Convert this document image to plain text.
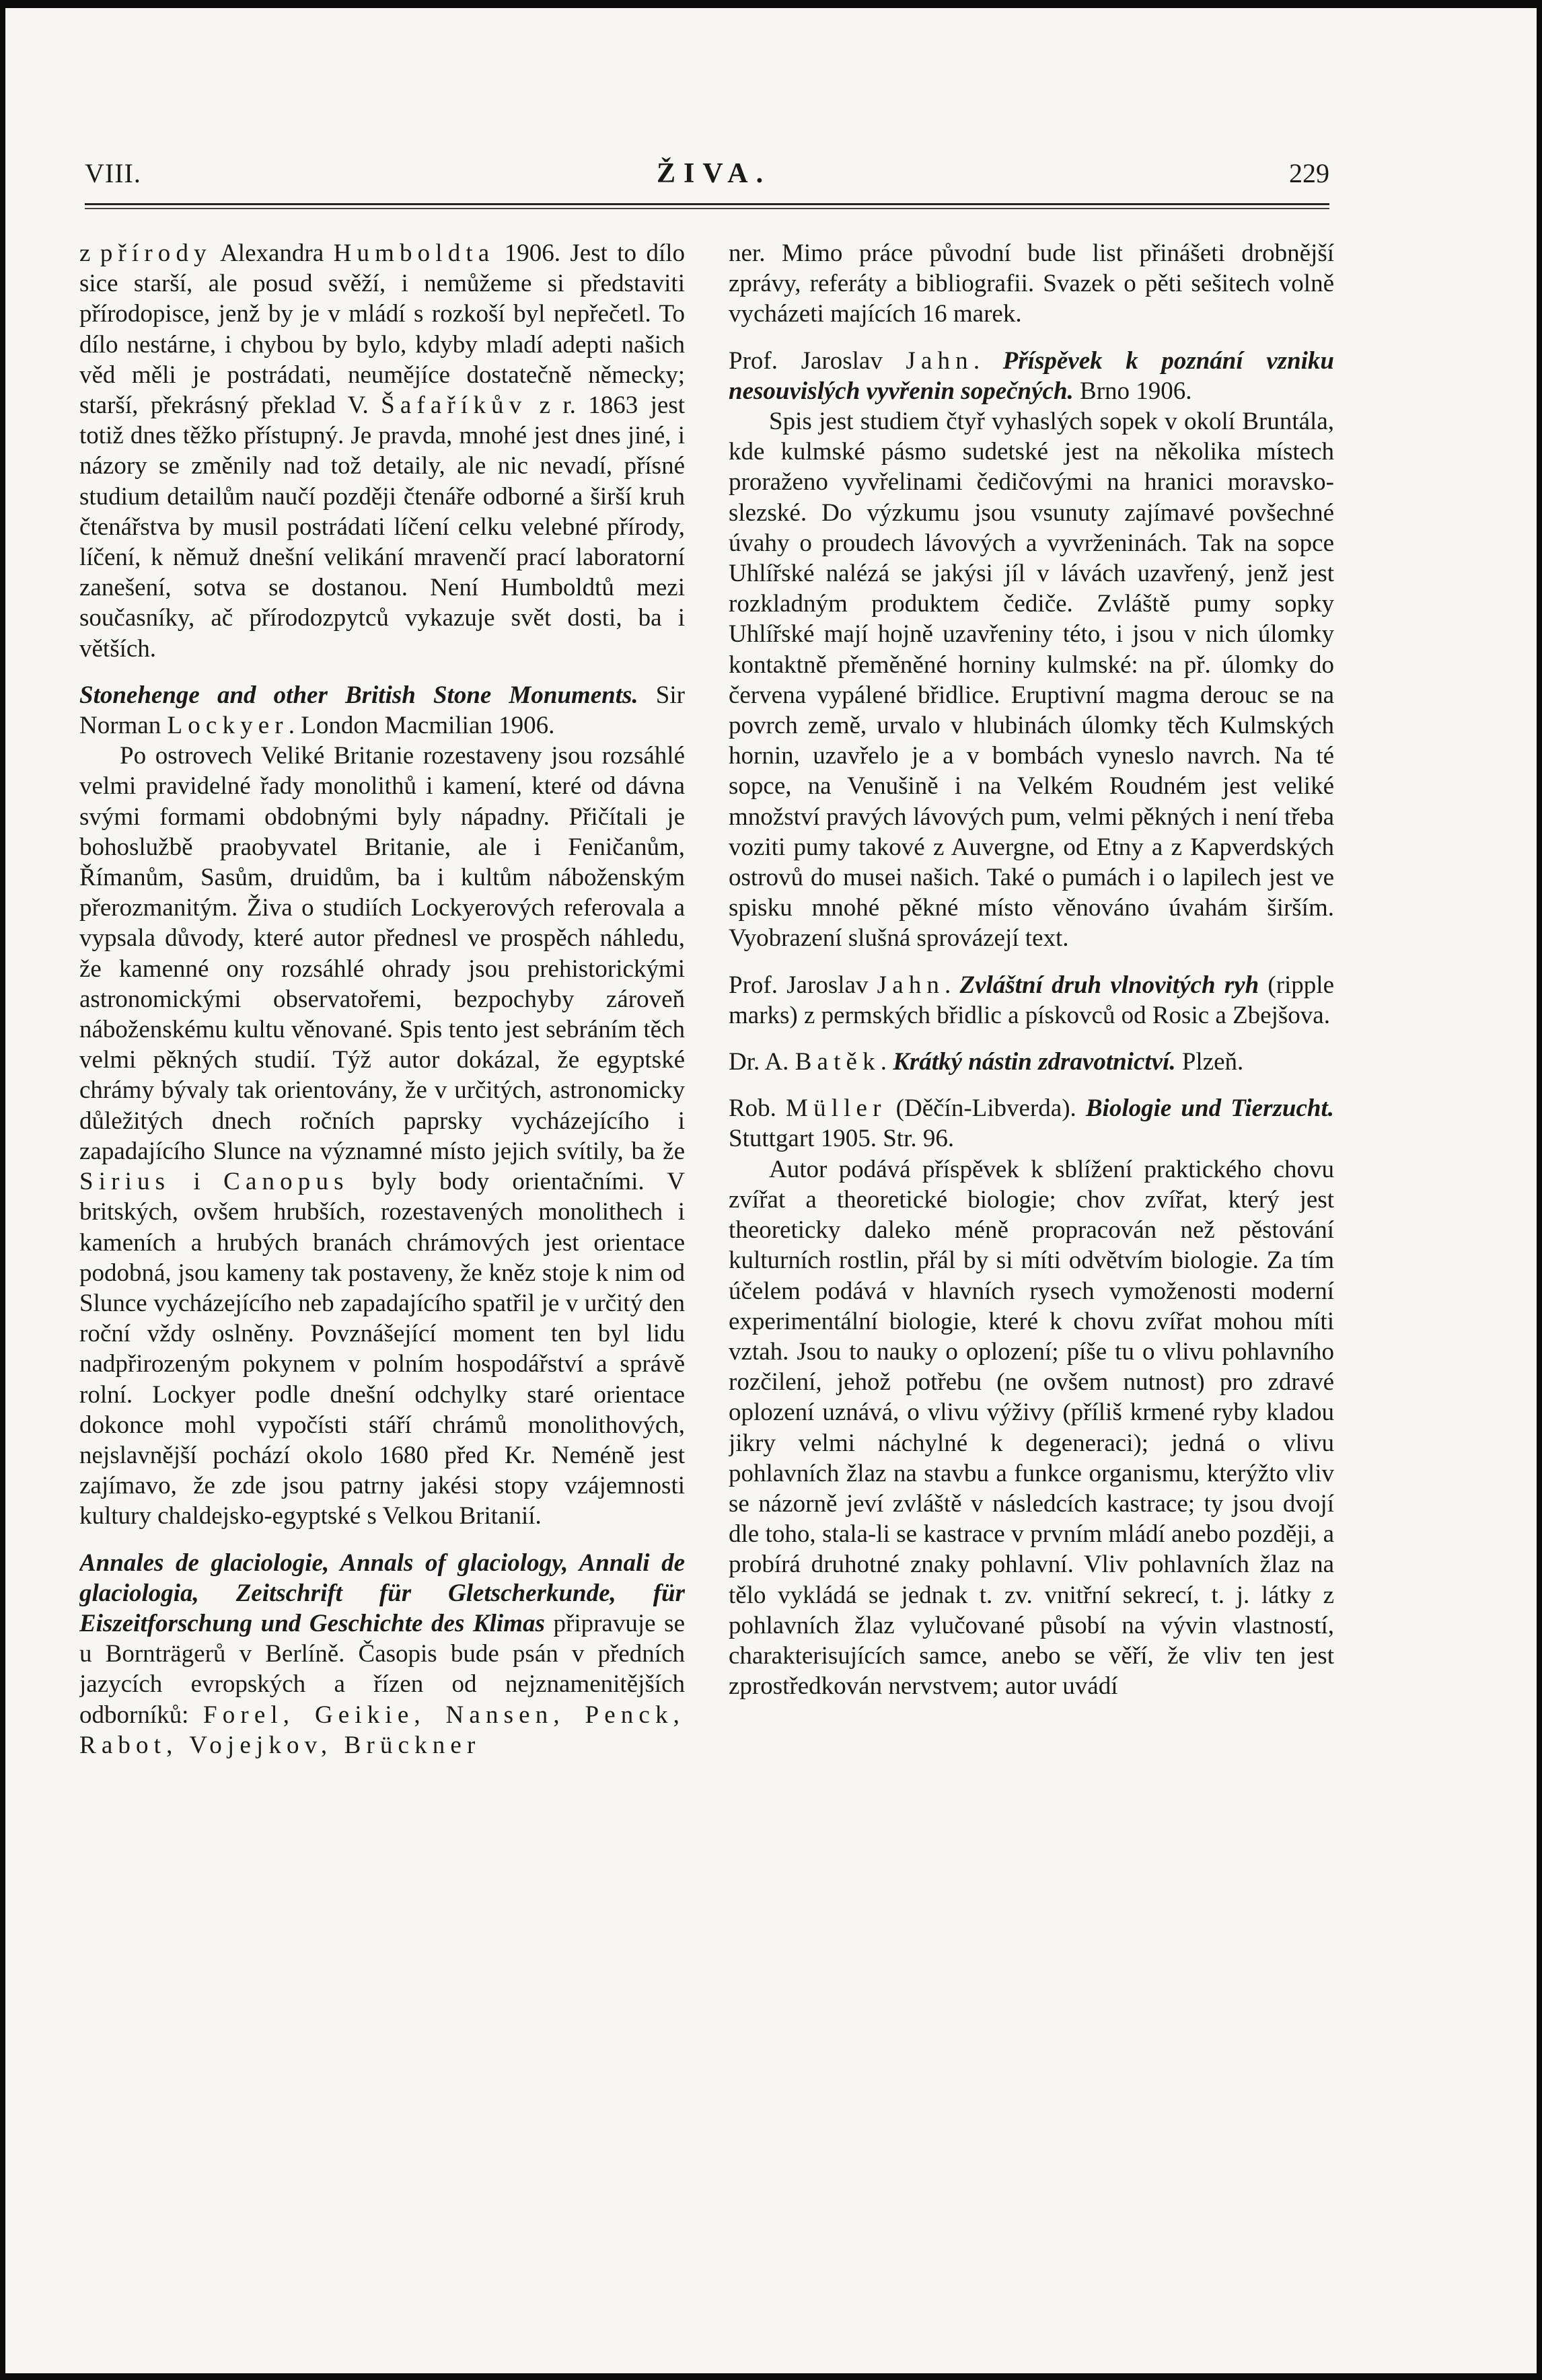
VIII.	ŽIVA.	229

z přírody Alexandra Humboldta 1906. Jest to dílo sice starší, ale posud svěží, i nemůžeme si představiti přírodopisce, jenž by je v mládí s rozkoší byl nepřečetl. To dílo nestárne, i chybou by bylo, kdyby mladí adepti našich věd měli je postrádati, neumějíce dostatečně německy; starší, překrásný překlad V. Šafaříkův z r. 1863 jest totiž dnes těžko přístupný. Je pravda, mnohé jest dnes jiné, i názory se změnily nad tož detaily, ale nic nevadí, přísné studium detailům naučí později čtenáře odborné a širší kruh čtenářstva by musil postrádati líčení celku velebné přírody, líčení, k němuž dnešní velikání mravenčí prací laboratorní zanešení, sotva se dostanou. Není Humboldtů mezi současníky, ač přírodozpytců vykazuje svět dosti, ba i větších.

Stonehenge and other British Stone Monuments. Sir Norman Lockyer. London Macmilian 1906.

Po ostrovech Veliké Britanie rozestaveny jsou rozsáhlé velmi pravidelné řady monolithů i kamení, které od dávna svými formami obdobnými byly nápadny. Přičítali je bohoslužbě praobyvatel Britanie, ale i Feničanům, Římanům, Sasům, druidům, ba i kultům náboženským přerozmanitým. Živa o studiích Lockyerových referovala a vypsala důvody, které autor přednesl ve prospěch náhledu, že kamenné ony rozsáhlé ohrady jsou prehistorickými astronomickými observatořemi, bezpochyby zároveň náboženskému kultu věnované. Spis tento jest sebráním těch velmi pěkných studií. Týž autor dokázal, že egyptské chrámy bývaly tak orientovány, že v určitých, astronomicky důležitých dnech ročních paprsky vycházejícího i zapadajícího Slunce na významné místo jejich svítily, ba že Sirius i Canopus byly body orientačními. V britských, ovšem hrubších, rozestavených monolithech i kameních a hrubých branách chrámových jest orientace podobná, jsou kameny tak postaveny, že kněz stoje k nim od Slunce vycházejícího neb zapadajícího spatřil je v určitý den roční vždy oslněny. Povznášející moment ten byl lidu nadpřirozeným pokynem v polním hospodářství a správě rolní. Lockyer podle dnešní odchylky staré orientace dokonce mohl vypočísti stáří chrámů monolithových, nejslavnější pochází okolo 1680 před Kr. Neméně jest zajímavo, že zde jsou patrny jakési stopy vzájemnosti kultury chaldejsko-egyptské s Velkou Britanií.

Annales de glaciologie, Annals of glaciology, Annali de glaciologia, Zeitschrift für Gletscherkunde, für Eiszeitforschung und Geschichte des Klimas připravuje se u Bornträgerů v Berlíně. Časopis bude psán v předních jazycích evropských a řízen od nejznamenitějších odborníků: Forel, Geikie, Nansen, Penck, Rabot, Vojejkov, Brückner

ner. Mimo práce původní bude list přinášeti drobnější zprávy, referáty a bibliografii. Svazek o pěti sešitech volně vycházeti majících 16 marek.

Prof. Jaroslav Jahn. Příspěvek k poznání vzniku nesouvislých vyvřenin sopečných. Brno 1906.

Spis jest studiem čtyř vyhaslých sopek v okolí Bruntála, kde kulmské pásmo sudetské jest na několika místech proraženo vyvřelinami čedičovými na hranici moravsko-slezské. Do výzkumu jsou vsunuty zajímavé povšechné úvahy o proudech lávových a vyvrženinách. Tak na sopce Uhlířské nalézá se jakýsi jíl v lávách uzavřený, jenž jest rozkladným produktem čediče. Zvláště pumy sopky Uhlířské mají hojně uzavřeniny této, i jsou v nich úlomky kontaktně přeměněné horniny kulmské: na př. úlomky do červena vypálené břidlice. Eruptivní magma derouc se na povrch země, urvalo v hlubinách úlomky těch Kulmských hornin, uzavřelo je a v bombách vyneslo navrch. Na té sopce, na Venušině i na Velkém Roudném jest veliké množství pravých lávových pum, velmi pěkných i není třeba voziti pumy takové z Auvergne, od Etny a z Kapverdských ostrovů do musei našich. Také o pumách i o lapilech jest ve spisku mnohé pěkné místo věnováno úvahám širším. Vyobrazení slušná sprovázejí text.

Prof. Jaroslav Jahn. Zvláštní druh vlnovitých ryh (ripple marks) z permských břidlic a pískovců od Rosic a Zbejšova.

Dr. A. Batěk. Krátký nástin zdravotnictví. Plzeň.

Rob. Müller (Děčín-Libverda). Biologie und Tierzucht. Stuttgart 1905. Str. 96.

Autor podává příspěvek k sblížení praktického chovu zvířat a theoretické biologie; chov zvířat, který jest theoreticky daleko méně propracován než pěstování kulturních rostlin, přál by si míti odvětvím biologie. Za tím účelem podává v hlavních rysech vymoženosti moderní experimentální biologie, které k chovu zvířat mohou míti vztah. Jsou to nauky o oplození; píše tu o vlivu pohlavního rozčilení, jehož potřebu (ne ovšem nutnost) pro zdravé oplození uznává, o vlivu výživy (příliš krmené ryby kladou jikry velmi náchylné k degeneraci); jedná o vlivu pohlavních žlaz na stavbu a funkce organismu, kterýžto vliv se názorně jeví zvláště v následcích kastrace; ty jsou dvojí dle toho, stala-li se kastrace v prvním mládí anebo později, a probírá druhotné znaky pohlavní. Vliv pohlavních žlaz na tělo vykládá se jednak t. zv. vnitřní sekrecí, t. j. látky z pohlavních žlaz vylučované působí na vývin vlastností, charakterisujících samce, anebo se věří, že vliv ten jest zprostředkován nervstvem; autor uvádí
